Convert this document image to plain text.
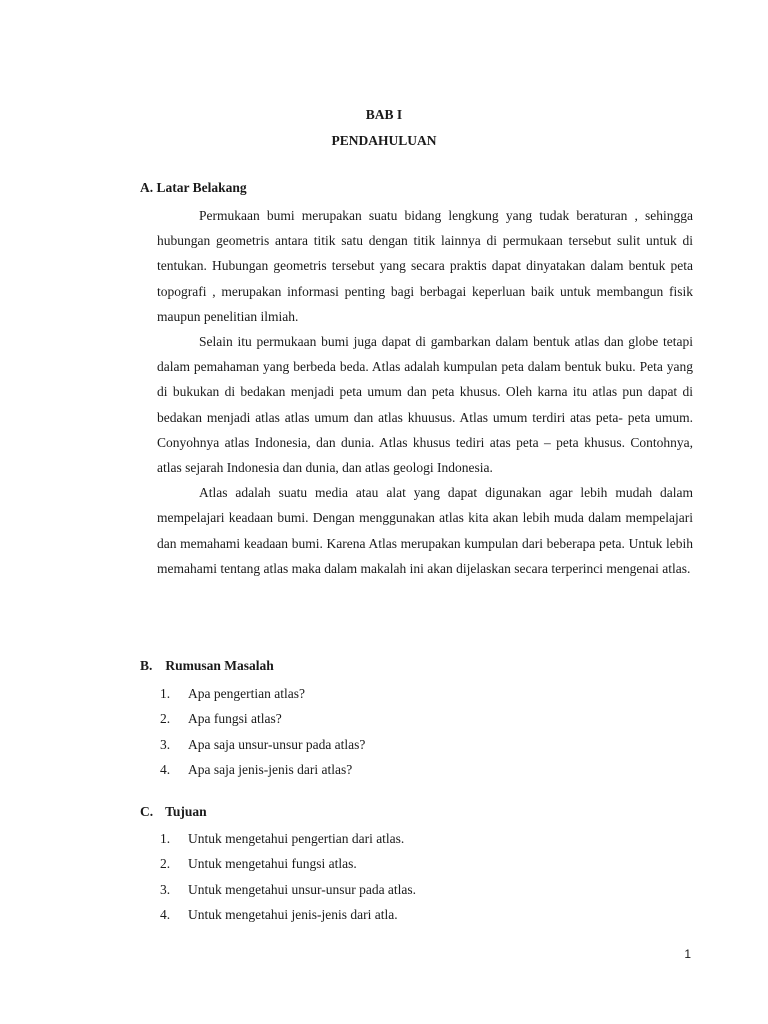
BAB I
PENDAHULUAN
A. Latar Belakang

Permukaan bumi merupakan suatu bidang lengkung yang tudak beraturan , sehingga hubungan geometris antara titik satu dengan titik lainnya di permukaan tersebut sulit untuk di tentukan. Hubungan geometris tersebut yang secara praktis dapat dinyatakan dalam bentuk peta topografi , merupakan informasi penting bagi berbagai keperluan baik untuk membangun fisik maupun penelitian ilmiah.

Selain itu permukaan bumi juga dapat di gambarkan dalam bentuk atlas dan globe tetapi dalam pemahaman yang berbeda beda. Atlas adalah kumpulan peta dalam bentuk buku. Peta yang di bukukan di bedakan menjadi peta umum dan peta khusus. Oleh karna itu atlas pun dapat di bedakan menjadi atlas atlas umum dan atlas khuusus. Atlas umum terdiri atas peta- peta umum. Conyohnya atlas Indonesia, dan dunia. Atlas khusus tediri atas peta – peta khusus. Contohnya, atlas sejarah Indonesia dan dunia, dan atlas geologi Indonesia.

Atlas adalah suatu media atau alat yang dapat digunakan agar lebih mudah dalam mempelajari keadaan bumi. Dengan menggunakan atlas kita akan lebih muda dalam mempelajari dan memahami keadaan bumi. Karena Atlas merupakan kumpulan dari beberapa peta. Untuk lebih memahami tentang atlas maka dalam makalah ini akan dijelaskan secara terperinci mengenai atlas.

B. Rumusan Masalah
1. Apa pengertian atlas?
2. Apa fungsi atlas?
3. Apa saja unsur-unsur pada atlas?
4. Apa saja jenis-jenis dari atlas?
C. Tujuan
1. Untuk mengetahui pengertian dari atlas.
2. Untuk mengetahui fungsi atlas.
3. Untuk mengetahui unsur-unsur pada atlas.
4. Untuk mengetahui jenis-jenis dari atla.

1
